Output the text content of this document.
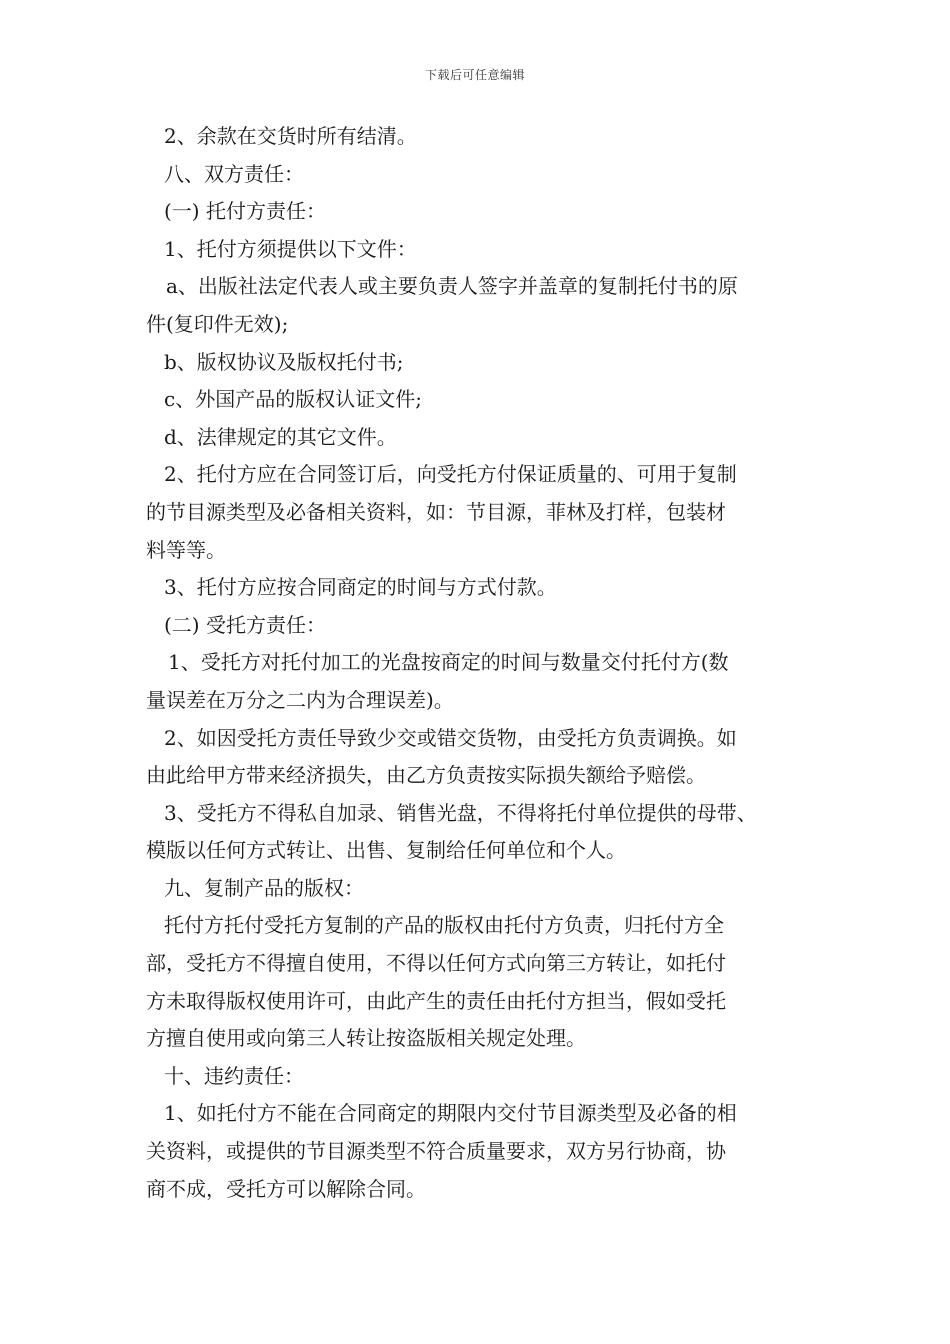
下载后可任意编辑
2、余款在交货时所有结清。
八、双方责任：
(一) 托付方责任：
1、托付方须提供以下文件：
a、出版社法定代表人或主要负责人签字并盖章的复制托付书的原
件(复印件无效);
b、版权协议及版权托付书;
c、外国产品的版权认证文件;
d、法律规定的其它文件。
2、托付方应在合同签订后，向受托方付保证质量的、可用于复制
的节目源类型及必备相关资料，如：节目源，菲林及打样，包装材
料等等。
3、托付方应按合同商定的时间与方式付款。
(二) 受托方责任：
1、受托方对托付加工的光盘按商定的时间与数量交付托付方(数
量误差在万分之二内为合理误差)。
2、如因受托方责任导致少交或错交货物，由受托方负责调换。如
由此给甲方带来经济损失，由乙方负责按实际损失额给予赔偿。
3、受托方不得私自加录、销售光盘，不得将托付单位提供的母带、
模版以任何方式转让、出售、复制给任何单位和个人。
九、复制产品的版权：
托付方托付受托方复制的产品的版权由托付方负责，归托付方全
部，受托方不得擅自使用，不得以任何方式向第三方转让，如托付
方未取得版权使用许可，由此产生的责任由托付方担当，假如受托
方擅自使用或向第三人转让按盗版相关规定处理。
十、违约责任：
1、如托付方不能在合同商定的期限内交付节目源类型及必备的相
关资料，或提供的节目源类型不符合质量要求，双方另行协商，协
商不成，受托方可以解除合同。
